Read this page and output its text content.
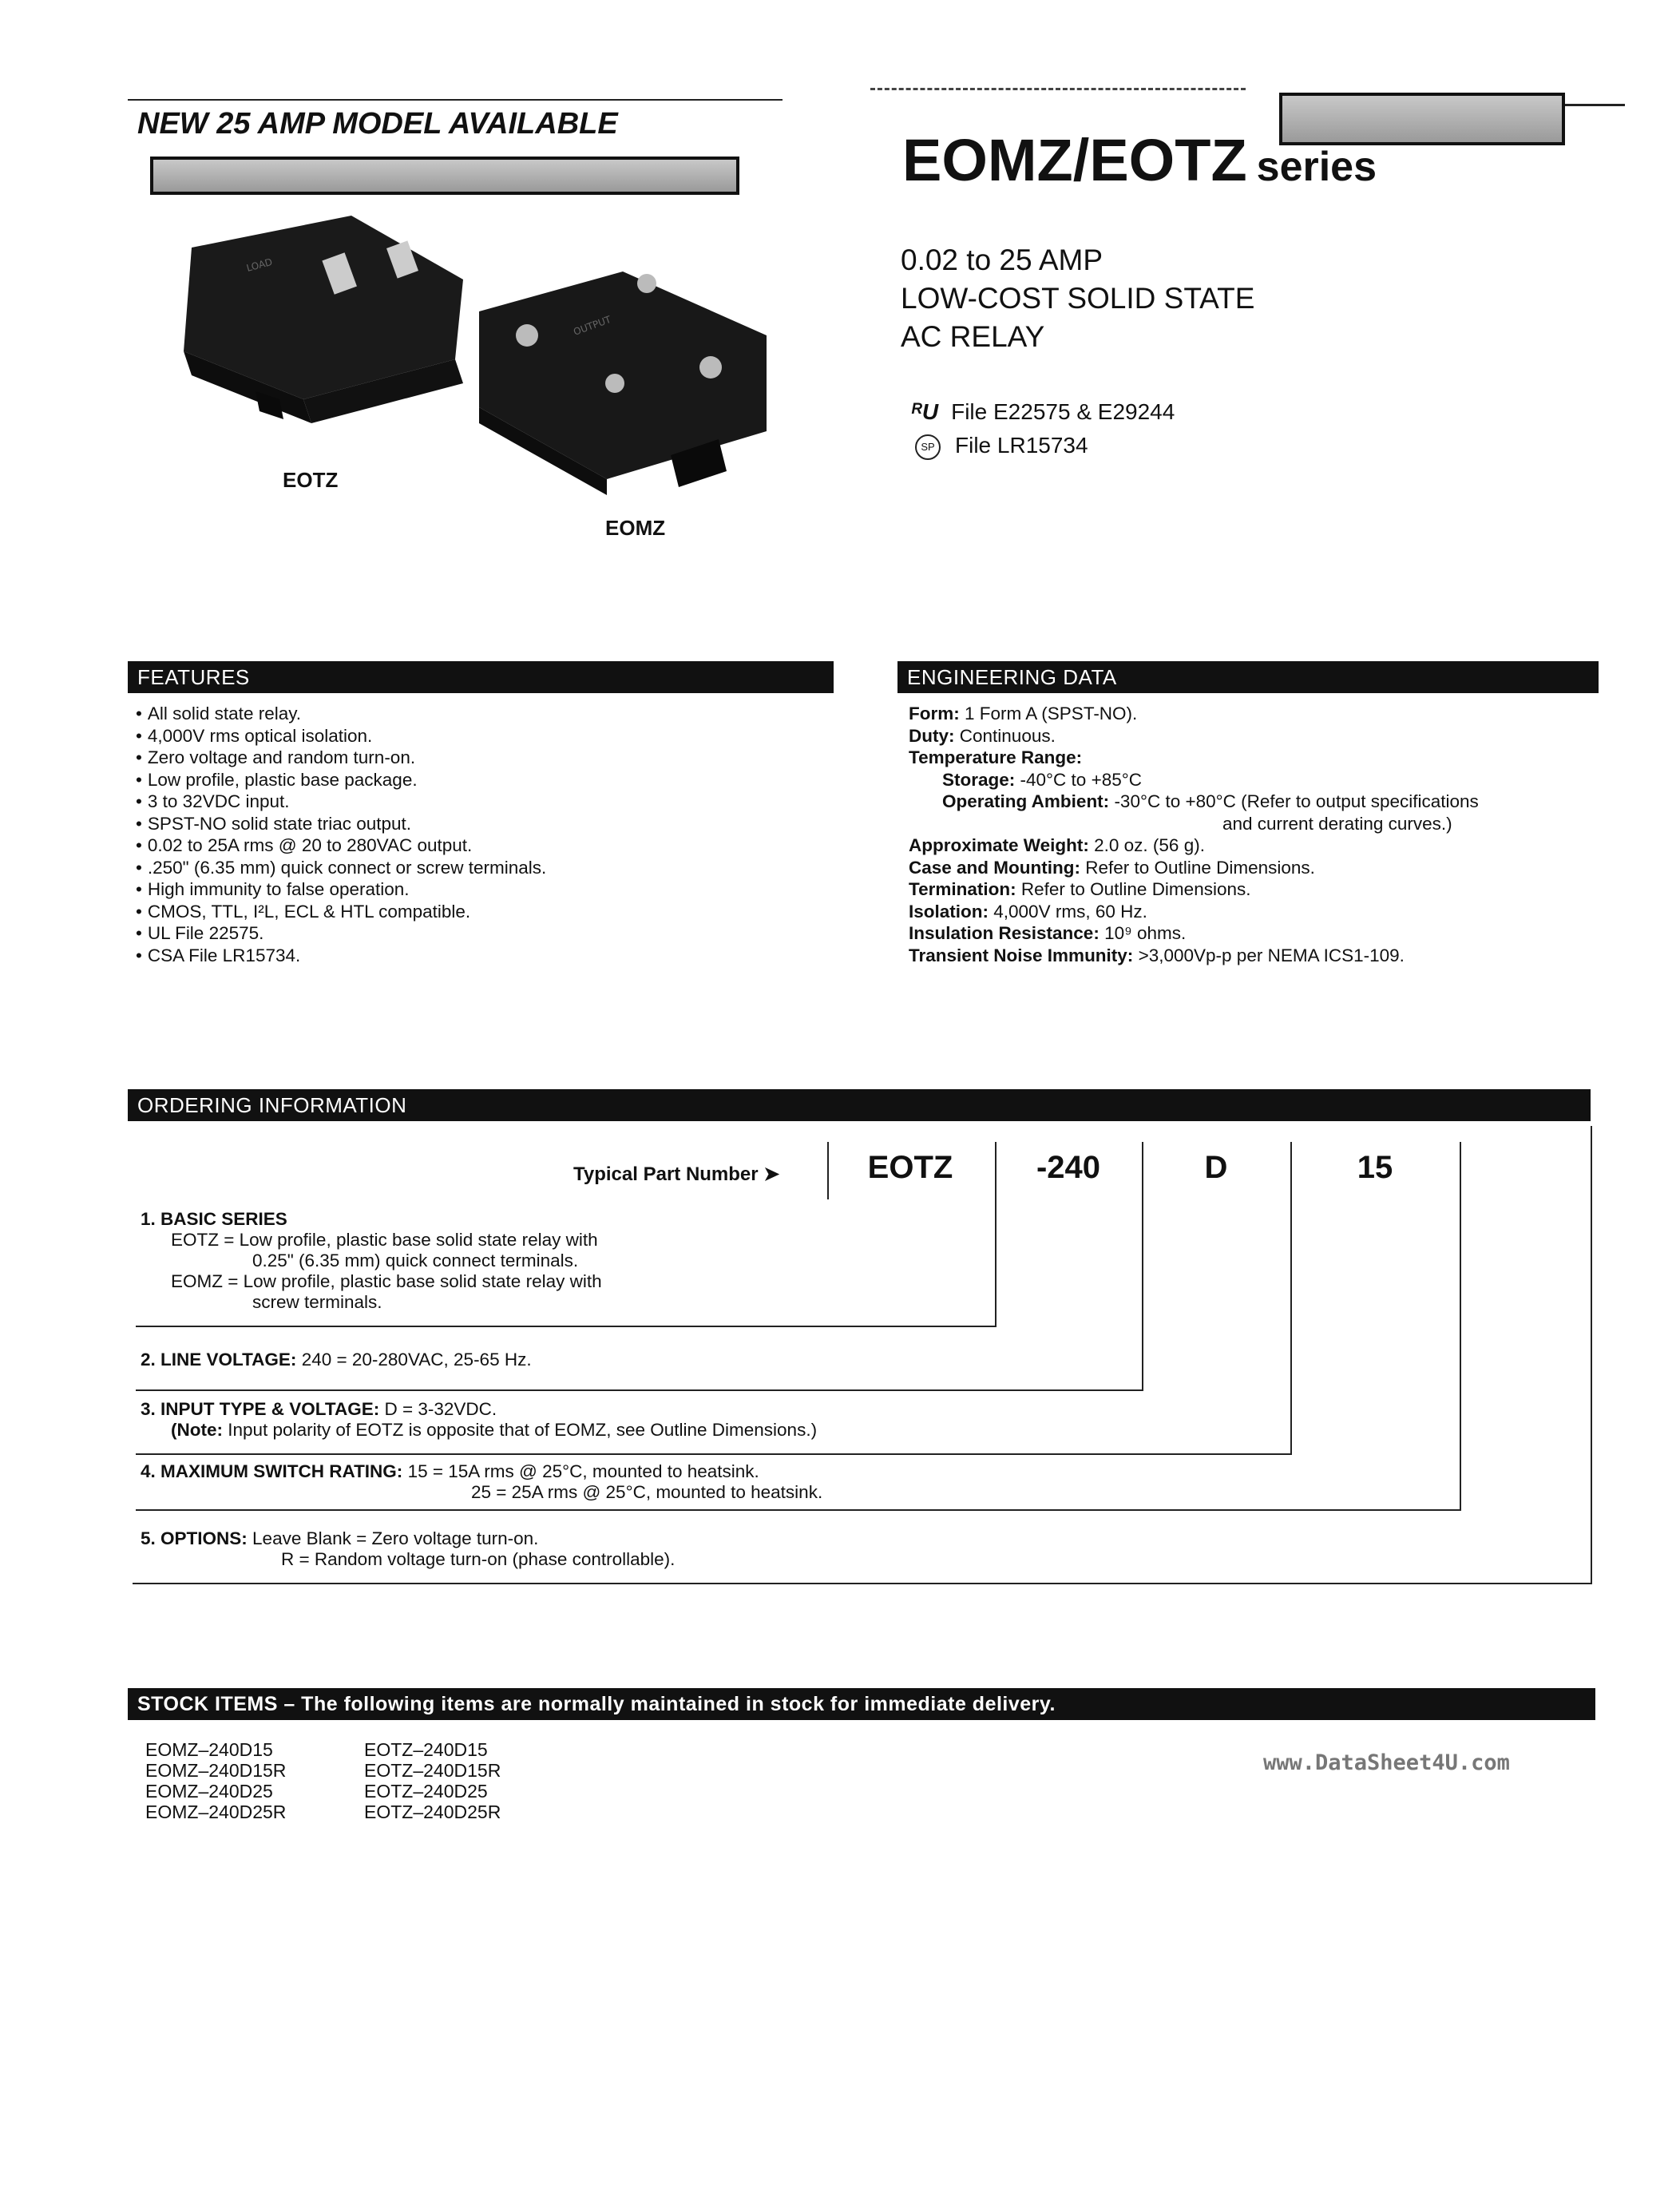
NEW 25 AMP MODEL AVAILABLE
EOMZ/EOTZ series
0.02 to 25 AMP
LOW-COST SOLID STATE
AC RELAY
ᴿU File E22575 & E29244
SP File LR15734
LOAD
OUTPUT
EOTZ
EOMZ
FEATURES
• All solid state relay.
• 4,000V rms optical isolation.
• Zero voltage and random turn-on.
• Low profile, plastic base package.
• 3 to 32VDC input.
• SPST-NO solid state triac output.
• 0.02 to 25A rms @ 20 to 280VAC output.
• .250" (6.35 mm) quick connect or screw terminals.
• High immunity to false operation.
• CMOS, TTL, I²L, ECL & HTL compatible.
• UL File 22575.
• CSA File LR15734.
ENGINEERING DATA
Form: 1 Form A (SPST-NO).
Duty: Continuous.
Temperature Range:
Storage: -40°C to +85°C
Operating Ambient: -30°C to +80°C (Refer to output specifications
and current derating curves.)
Approximate Weight: 2.0 oz. (56 g).
Case and Mounting: Refer to Outline Dimensions.
Termination: Refer to Outline Dimensions.
Isolation: 4,000V rms, 60 Hz.
Insulation Resistance: 10⁹ ohms.
Transient Noise Immunity: >3,000Vp-p per NEMA ICS1-109.
ORDERING INFORMATION
Typical Part Number ➤	EOTZ	-240	D	15
1. BASIC SERIES
EOTZ = Low profile, plastic base solid state relay with
0.25" (6.35 mm) quick connect terminals.
EOMZ = Low profile, plastic base solid state relay with
screw terminals.
2. LINE VOLTAGE: 240 = 20-280VAC, 25-65 Hz.
3. INPUT TYPE & VOLTAGE: D = 3-32VDC.
(Note: Input polarity of EOTZ is opposite that of EOMZ, see Outline Dimensions.)
4. MAXIMUM SWITCH RATING: 15 = 15A rms @ 25°C, mounted to heatsink.
25 = 25A rms @ 25°C, mounted to heatsink.
5. OPTIONS: Leave Blank = Zero voltage turn-on.
R = Random voltage turn-on (phase controllable).
STOCK ITEMS – The following items are normally maintained in stock for immediate delivery.
EOMZ–240D15
EOMZ–240D15R
EOMZ–240D25
EOMZ–240D25R
EOTZ–240D15
EOTZ–240D15R
EOTZ–240D25
EOTZ–240D25R
www.DataSheet4U.com
